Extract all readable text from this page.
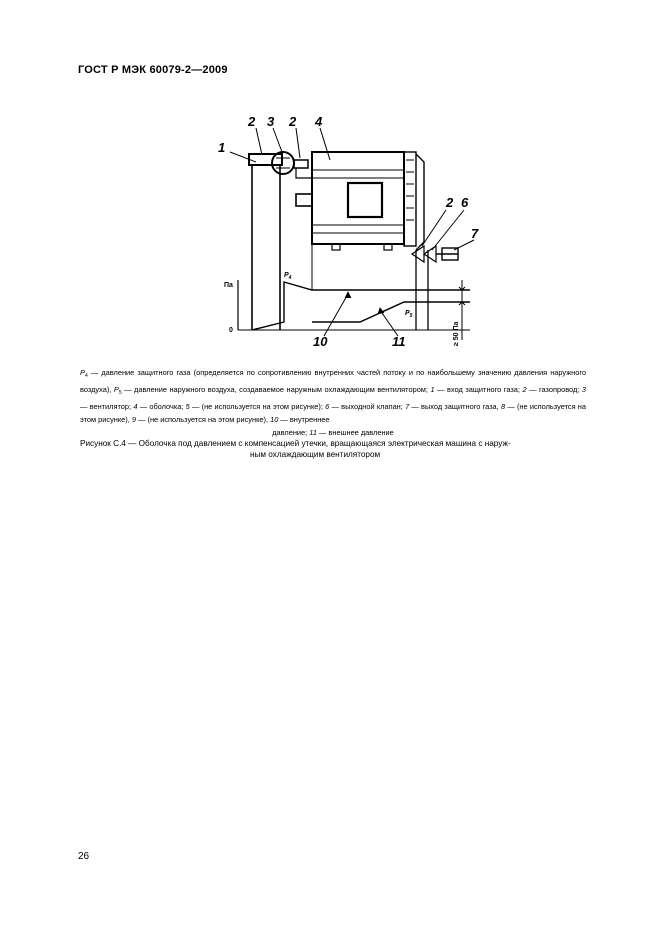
ГОСТ Р МЭК 60079-2—2009
1
2 3 2 4
2 6
7
10	11
Па
0
$P_4$
$P_5$
≥ 50 Па
$P_4$ — давление защитного газа (определяется по сопротивлению внутренних частей потоку и по наибольшему значению давления наружного воздуха), $P_5$ — давление наружного воздуха, создаваемое наружным охлаждающим вентилятором; 1 — вход защитного газа; 2 — газопровод; 3 — вентилятор; 4 — оболочка; 5 — (не используется на этом рисунке); 6 — выходной клапан; 7 — выход защитного газа, 8 — (не используется на этом рисунке), 9 — (не используется на этом рисунке), 10 — внутреннее
давление; 11 — внешнее давление
Рисунок С.4 — Оболочка под давлением с компенсацией утечки, вращающаяся электрическая машина с наруж-
ным охлаждающим вентилятором
26
